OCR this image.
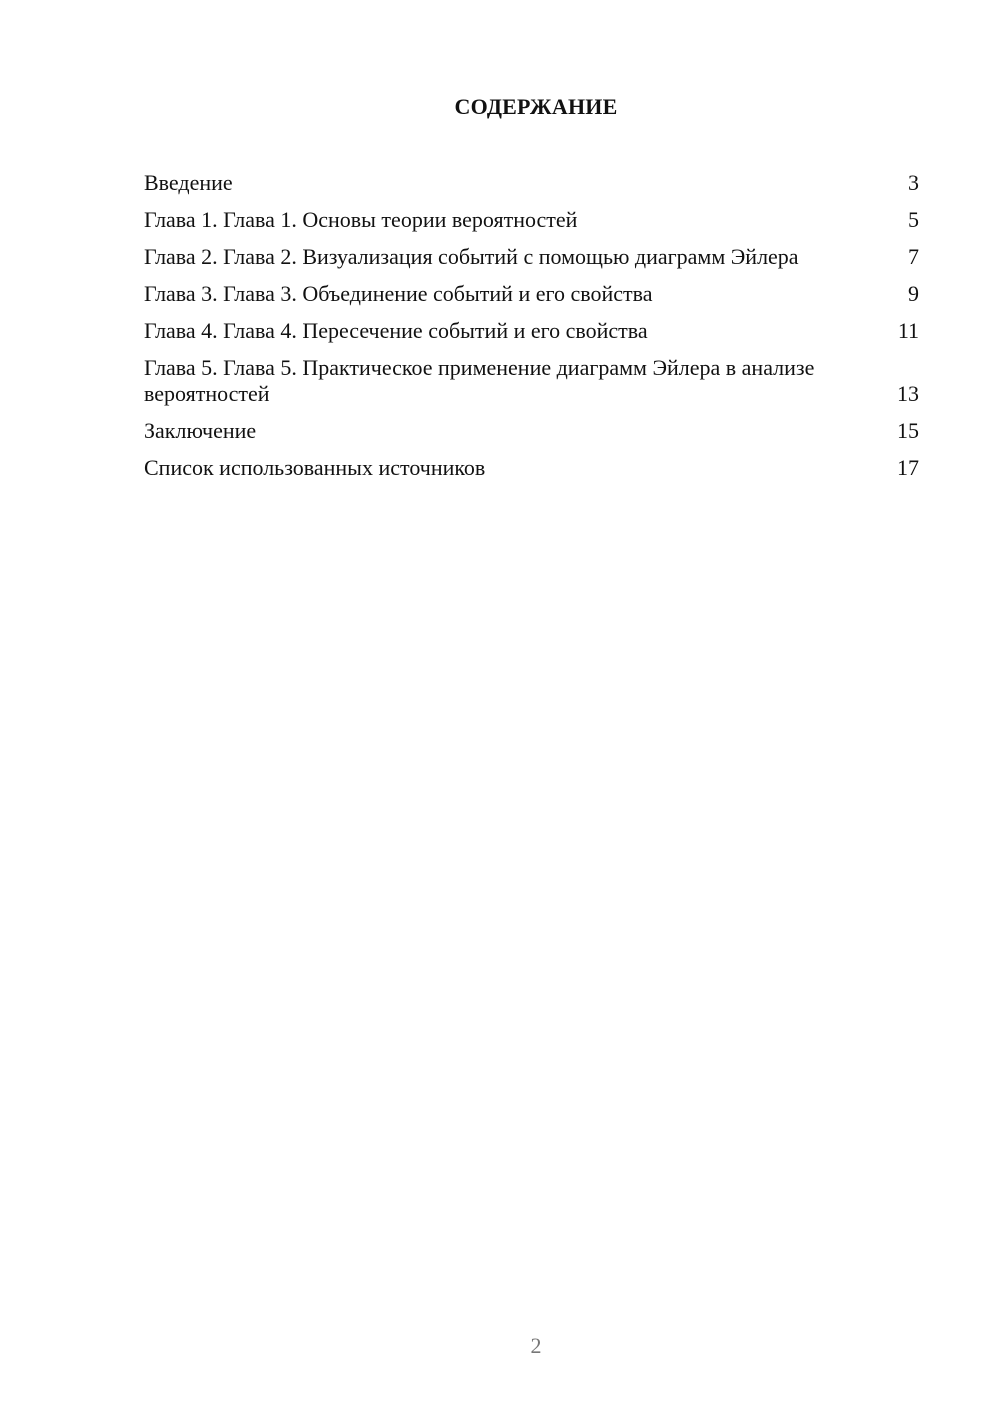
СОДЕРЖАНИЕ
Введение	3
Глава 1. Глава 1. Основы теории вероятностей	5
Глава 2. Глава 2. Визуализация событий с помощью диаграмм Эйлера	7
Глава 3. Глава 3. Объединение событий и его свойства	9
Глава 4. Глава 4. Пересечение событий и его свойства	11
Глава 5. Глава 5. Практическое применение диаграмм Эйлера в анализе вероятностей	13
Заключение	15
Список использованных источников	17
2
